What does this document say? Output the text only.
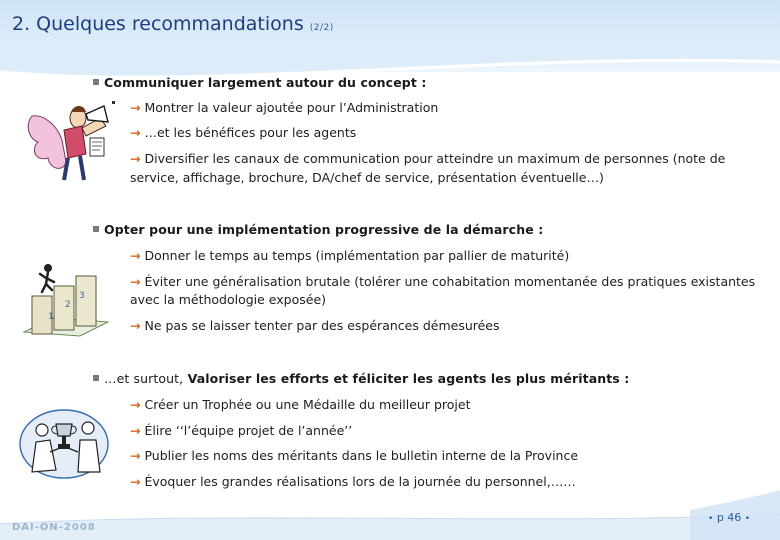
2. Quelques recommandations (2/2)
Communiquer largement autour du concept :
→ Montrer la valeur ajoutée pour l’Administration
→ …et les bénéfices pour les agents
→ Diversifier les canaux de communication pour atteindre un maximum de personnes (note de
service, affichage, brochure, DA/chef de service, présentation éventuelle…)
Opter pour une implémentation progressive de la démarche :
→ Donner le temps au temps (implémentation par pallier de maturité)
→ Éviter une généralisation brutale (tolérer une cohabitation momentanée des pratiques existantes
avec la méthodologie exposée)
→ Ne pas se laisser tenter par des espérances démesurées
1
2
3
…et surtout, Valoriser les efforts et féliciter les agents les plus méritants :
→ Créer un Trophée ou une Médaille du meilleur projet
→ Élire ‘‘l’équipe projet de l’année’’
→ Publier les noms des méritants dans le bulletin interne de la Province
→ Évoquer les grandes réalisations lors de la journée du personnel,……
DAI-ON-2008
• p 46 •
